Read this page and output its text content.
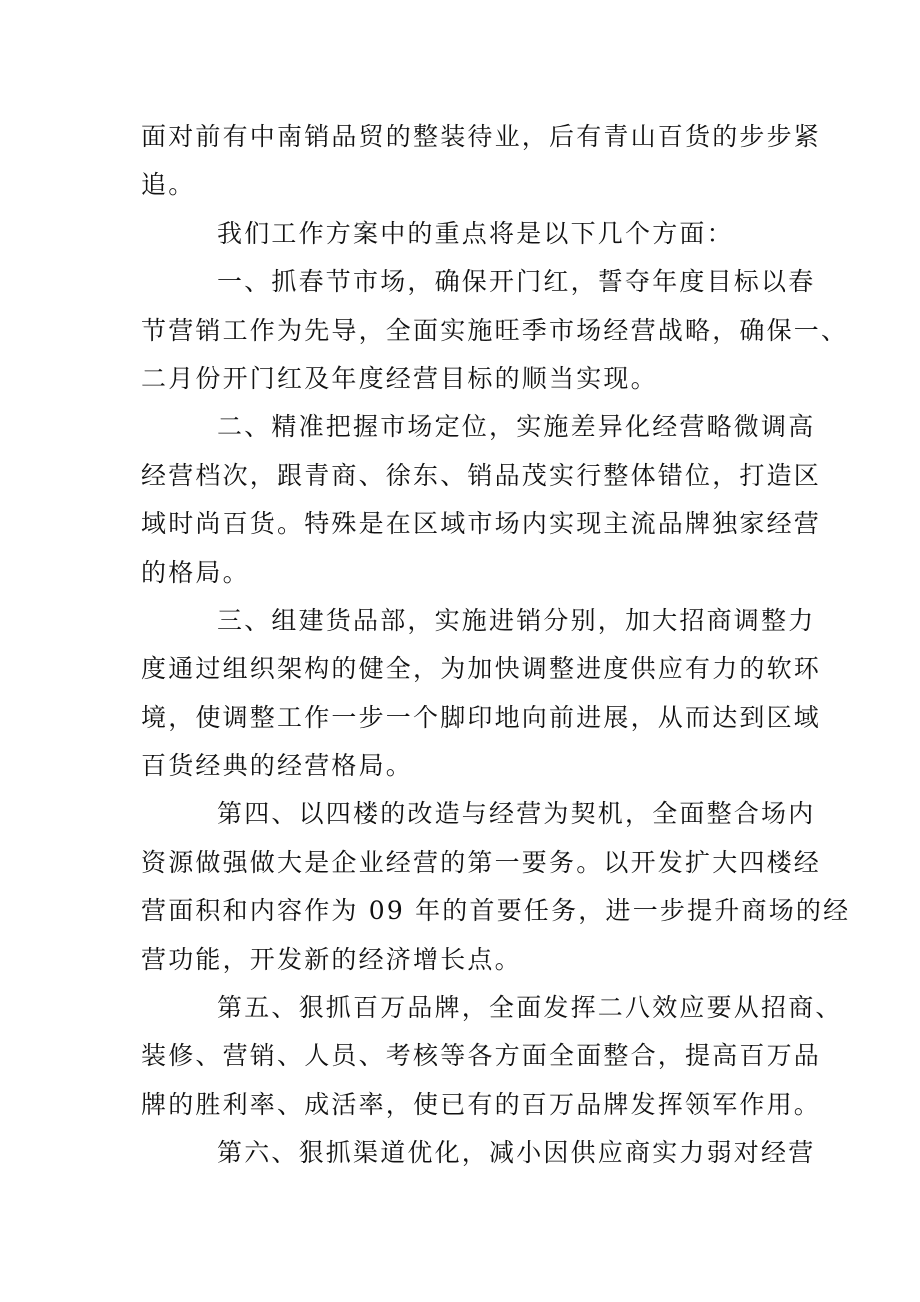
面对前有中南销品贸的整装待业，后有青山百货的步步紧
追。
我们工作方案中的重点将是以下几个方面：
一、抓春节市场，确保开门红，誓夺年度目标以春
节营销工作为先导，全面实施旺季市场经营战略，确保一、
二月份开门红及年度经营目标的顺当实现。
二、精准把握市场定位，实施差异化经营略微调高
经营档次，跟青商、徐东、销品茂实行整体错位，打造区
域时尚百货。特殊是在区域市场内实现主流品牌独家经营
的格局。
三、组建货品部，实施进销分别，加大招商调整力
度通过组织架构的健全，为加快调整进度供应有力的软环
境，使调整工作一步一个脚印地向前进展，从而达到区域
百货经典的经营格局。
第四、以四楼的改造与经营为契机，全面整合场内
资源做强做大是企业经营的第一要务。以开发扩大四楼经
营面积和内容作为 09 年的首要任务，进一步提升商场的经
营功能，开发新的经济增长点。
第五、狠抓百万品牌，全面发挥二八效应要从招商、
装修、营销、人员、考核等各方面全面整合，提高百万品
牌的胜利率、成活率，使已有的百万品牌发挥领军作用。
第六、狠抓渠道优化，减小因供应商实力弱对经营
